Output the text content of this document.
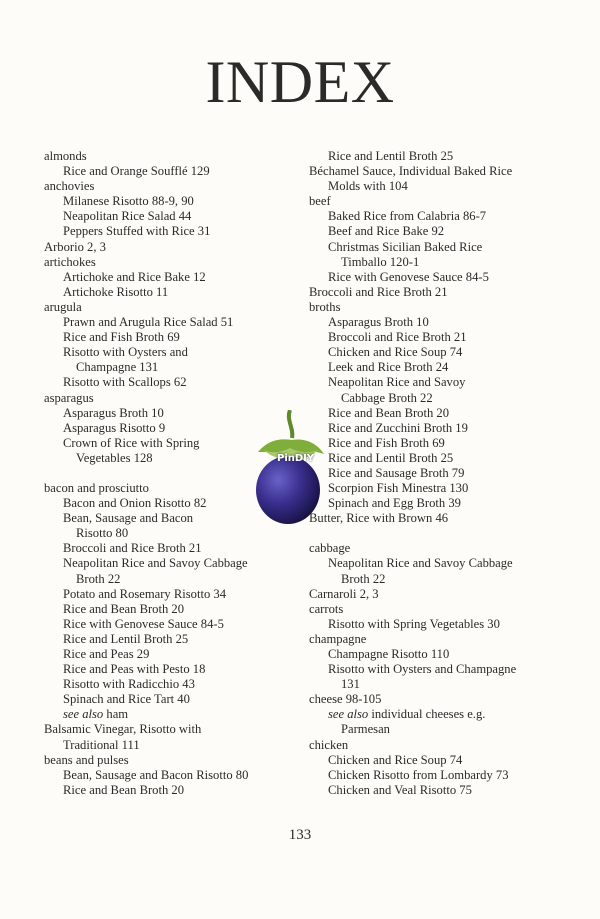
INDEX
almonds
Rice and Orange Soufflé 129
anchovies
Milanese Risotto 88-9, 90
Neapolitan Rice Salad 44
Peppers Stuffed with Rice 31
Arborio 2, 3
artichokes
Artichoke and Rice Bake 12
Artichoke Risotto 11
arugula
Prawn and Arugula Rice Salad 51
Rice and Fish Broth 69
Risotto with Oysters and
Champagne 131
Risotto with Scallops 62
asparagus
Asparagus Broth 10
Asparagus Risotto 9
Crown of Rice with Spring
Vegetables 128
bacon and prosciutto
Bacon and Onion Risotto 82
Bean, Sausage and Bacon
Risotto 80
Broccoli and Rice Broth 21
Neapolitan Rice and Savoy Cabbage
Broth 22
Potato and Rosemary Risotto 34
Rice and Bean Broth 20
Rice with Genovese Sauce 84-5
Rice and Lentil Broth 25
Rice and Peas 29
Rice and Peas with Pesto 18
Risotto with Radicchio 43
Spinach and Rice Tart 40
see also ham
Balsamic Vinegar, Risotto with
Traditional 111
beans and pulses
Bean, Sausage and Bacon Risotto 80
Rice and Bean Broth 20
Rice and Lentil Broth 25
Béchamel Sauce, Individual Baked Rice
Molds with 104
beef
Baked Rice from Calabria 86-7
Beef and Rice Bake 92
Christmas Sicilian Baked Rice
Timballo 120-1
Rice with Genovese Sauce 84-5
Broccoli and Rice Broth 21
broths
Asparagus Broth 10
Broccoli and Rice Broth 21
Chicken and Rice Soup 74
Leek and Rice Broth 24
Neapolitan Rice and Savoy
Cabbage Broth 22
Rice and Bean Broth 20
Rice and Zucchini Broth 19
Rice and Fish Broth 69
Rice and Lentil Broth 25
Rice and Sausage Broth 79
Scorpion Fish Minestra 130
Spinach and Egg Broth 39
Butter, Rice with Brown 46
cabbage
Neapolitan Rice and Savoy Cabbage
Broth 22
Carnaroli 2, 3
carrots
Risotto with Spring Vegetables 30
champagne
Champagne Risotto 110
Risotto with Oysters and Champagne
131
cheese 98-105
see also individual cheeses e.g.
Parmesan
chicken
Chicken and Rice Soup 74
Chicken Risotto from Lombardy 73
Chicken and Veal Risotto 75
PinDIY
133
